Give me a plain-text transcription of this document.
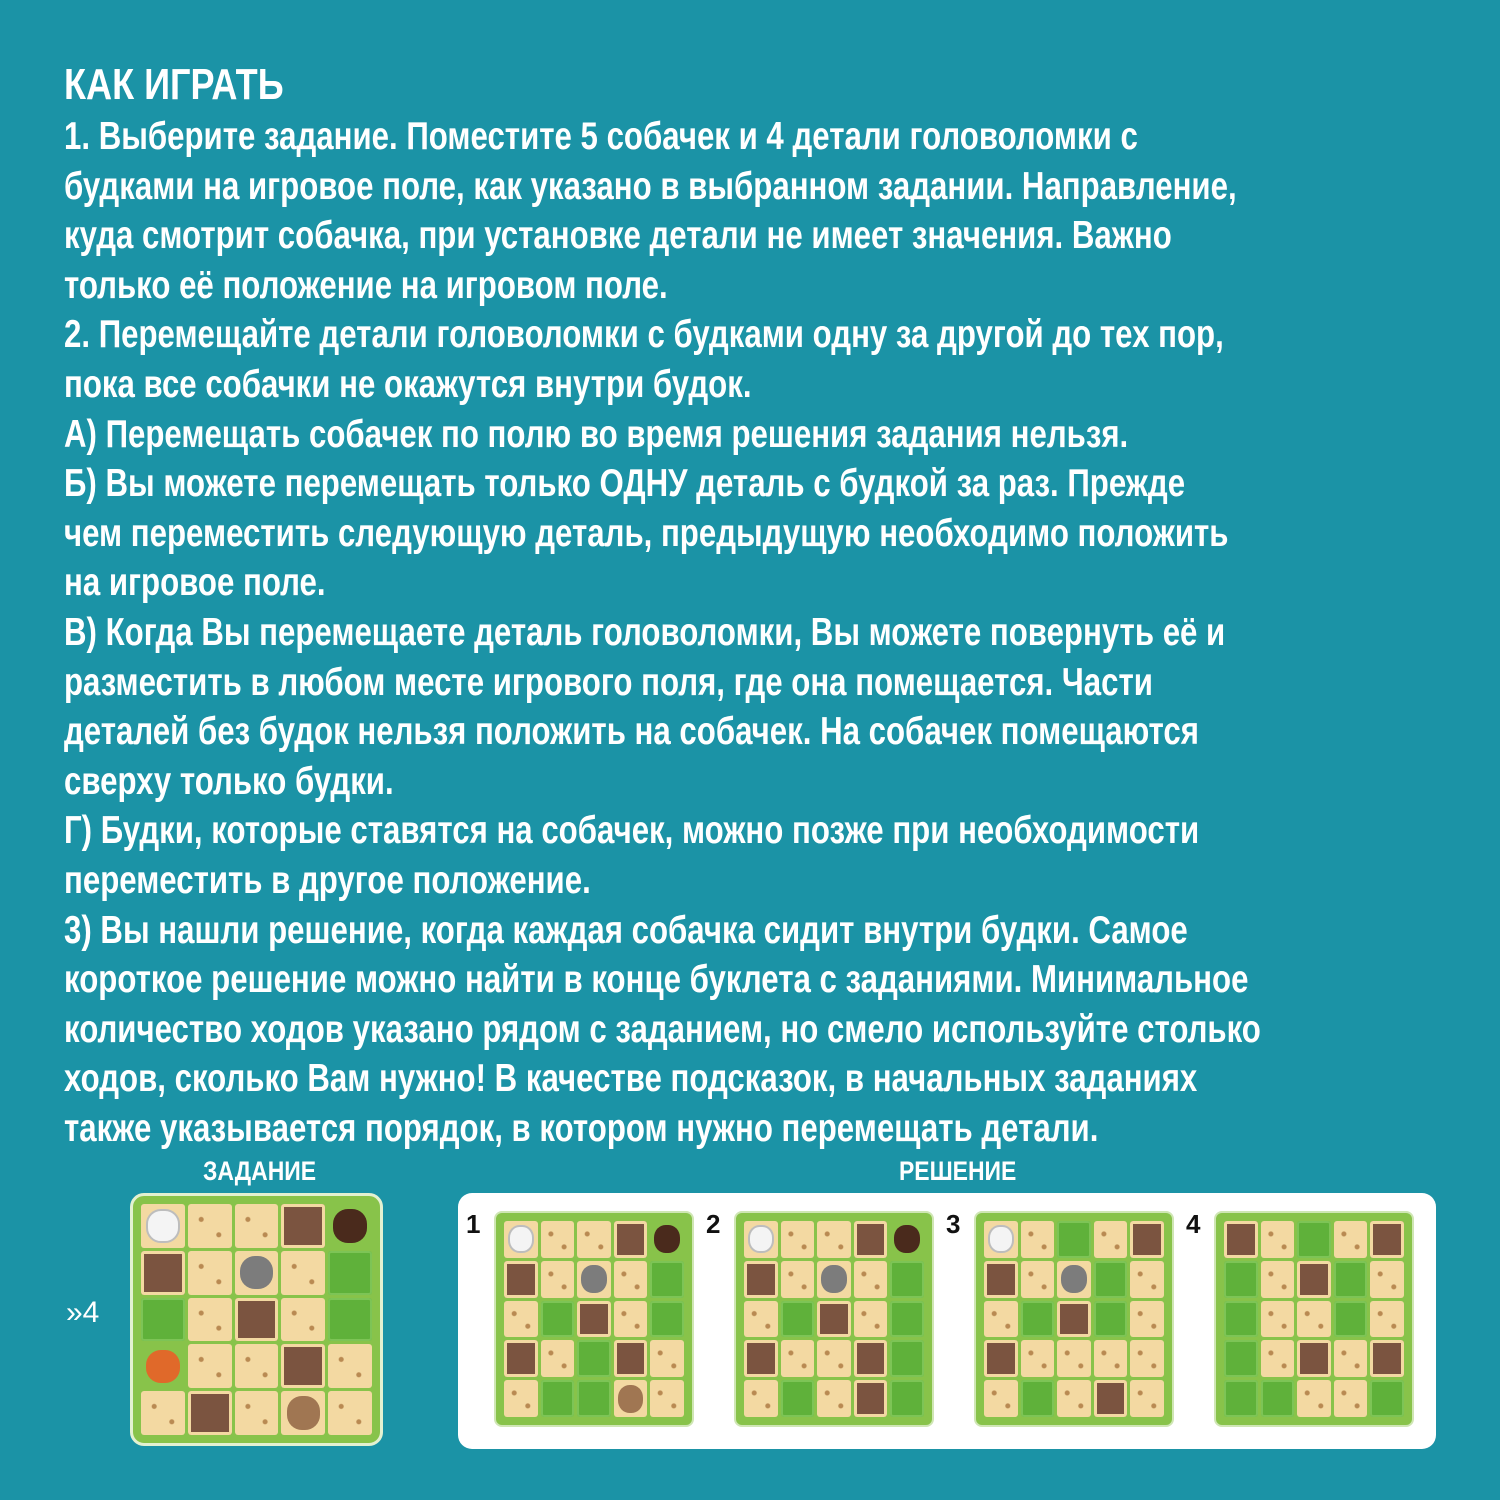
КАК ИГРАТЬ
1. Выберите задание. Поместите 5 собачек и 4 детали головоломки с
будками на игровое поле, как указано в выбранном задании. Направление,
куда смотрит собачка, при установке детали не имеет значения. Важно
только её положение на игровом поле.
2. Перемещайте детали головоломки с будками одну за другой до тех пор,
пока все собачки не окажутся внутри будок.
А) Перемещать собачек по полю во время решения задания нельзя.
Б) Вы можете перемещать только ОДНУ деталь с будкой за раз. Прежде
чем переместить следующую деталь, предыдущую необходимо положить
на игровое поле.
В) Когда Вы перемещаете деталь головоломки, Вы можете повернуть её и
разместить в любом месте игрового поля, где она помещается. Части
деталей без будок нельзя положить на собачек. На собачек помещаются
сверху только будки.
Г) Будки, которые ставятся на собачек, можно позже при необходимости
переместить в другое положение.
3) Вы нашли решение, когда каждая собачка сидит внутри будки. Самое
короткое решение можно найти в конце буклета с заданиями. Минимальное
количество ходов указано рядом с заданием, но смело используйте столько
ходов, сколько Вам нужно! В качестве подсказок, в начальных заданиях
также указывается порядок, в котором нужно перемещать детали.
ЗАДАНИЕ	РЕШЕНИЕ
»4
1	2	3	4
